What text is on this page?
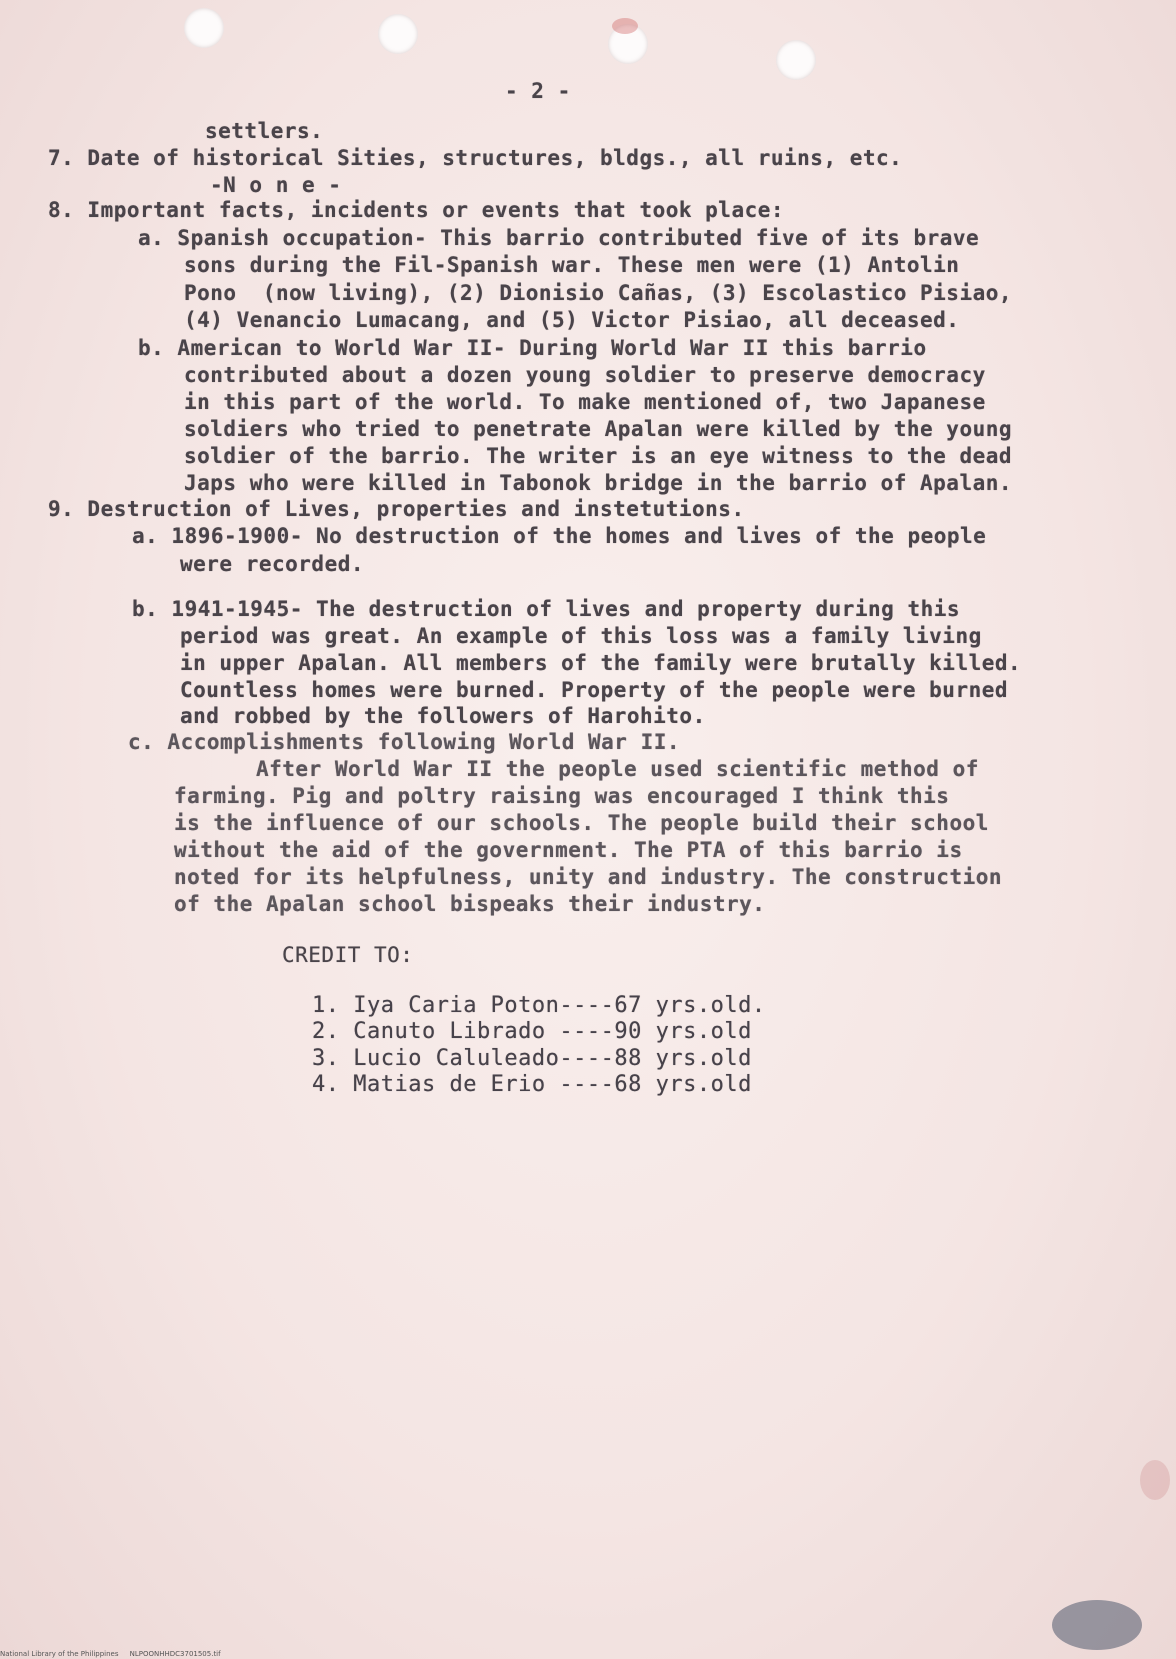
- 2 -
settlers.
7. Date of historical Sities, structures, bldgs., all ruins, etc.
-N o n e -
8. Important facts, incidents or events that took place:
a. Spanish occupation- This barrio contributed five of its brave
sons during the Fil-Spanish war. These men were (1) Antolin
Pono  (now living), (2) Dionisio Cañas, (3) Escolastico Pisiao,
(4) Venancio Lumacang, and (5) Victor Pisiao, all deceased.
b. American to World War II- During World War II this barrio
contributed about a dozen young soldier to preserve democracy
in this part of the world. To make mentioned of, two Japanese
soldiers who tried to penetrate Apalan were killed by the young
soldier of the barrio. The writer is an eye witness to the dead
Japs who were killed in Tabonok bridge in the barrio of Apalan.
9. Destruction of Lives, properties and instetutions.
a. 1896-1900- No destruction of the homes and lives of the people
were recorded.
b. 1941-1945- The destruction of lives and property during this
period was great. An example of this loss was a family living
in upper Apalan. All members of the family were brutally killed.
Countless homes were burned. Property of the people were burned
and robbed by the followers of Harohito.
c. Accomplishments following World War II.
After World War II the people used scientific method of
farming. Pig and poltry raising was encouraged I think this
is the influence of our schools. The people build their school
without the aid of the government. The PTA of this barrio is
noted for its helpfulness, unity and industry. The construction
of the Apalan school bispeaks their industry.
CREDIT TO:
1. Iya Caria Poton----67 yrs.old.
2. Canuto Librado ----90 yrs.old
3. Lucio Caluleado----88 yrs.old
4. Matias de Erio ----68 yrs.old
National Library of the Philippines     NLPOONHHDC3701505.tif
